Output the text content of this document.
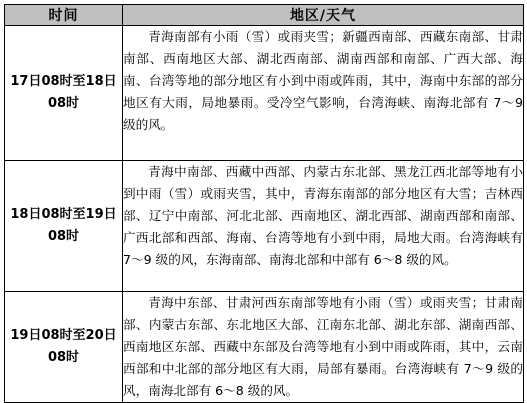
时间	地区/天气
17日08时至18日08时	青海南部有小雨（雪）或雨夹雪；新疆西南部、西藏东南部、甘肃南部、西南地区大部、湖北西南部、湖南西部和南部、广西大部、海南、台湾等地的部分地区有小到中雨或阵雨，其中，海南中东部的部分地区有大雨，局地暴雨。受冷空气影响，台湾海峡、南海北部有 7～9 级的风。
18日08时至19日08时	青海中南部、西藏中西部、内蒙古东北部、黑龙江西北部等地有小到中雨（雪）或雨夹雪，其中，青海东南部的部分地区有大雪；吉林西部、辽宁中南部、河北北部、西南地区、湖北西部、湖南西部和南部、广西北部和西部、海南、台湾等地有小到中雨，局地大雨。台湾海峡有 7～9 级的风，东海南部、南海北部和中部有 6～8 级的风。
19日08时至20日08时	青海中东部、甘肃河西东南部等地有小雨（雪）或雨夹雪；甘肃南部、内蒙古东部、东北地区大部、江南东北部、湖北东部、湖南西部、西南地区东部、西藏中东部及台湾等地有小到中雨或阵雨，其中，云南西部和中北部的部分地区有大雨，局部有暴雨。台湾海峡有 7～9 级的风，南海北部有 6～8 级的风。
